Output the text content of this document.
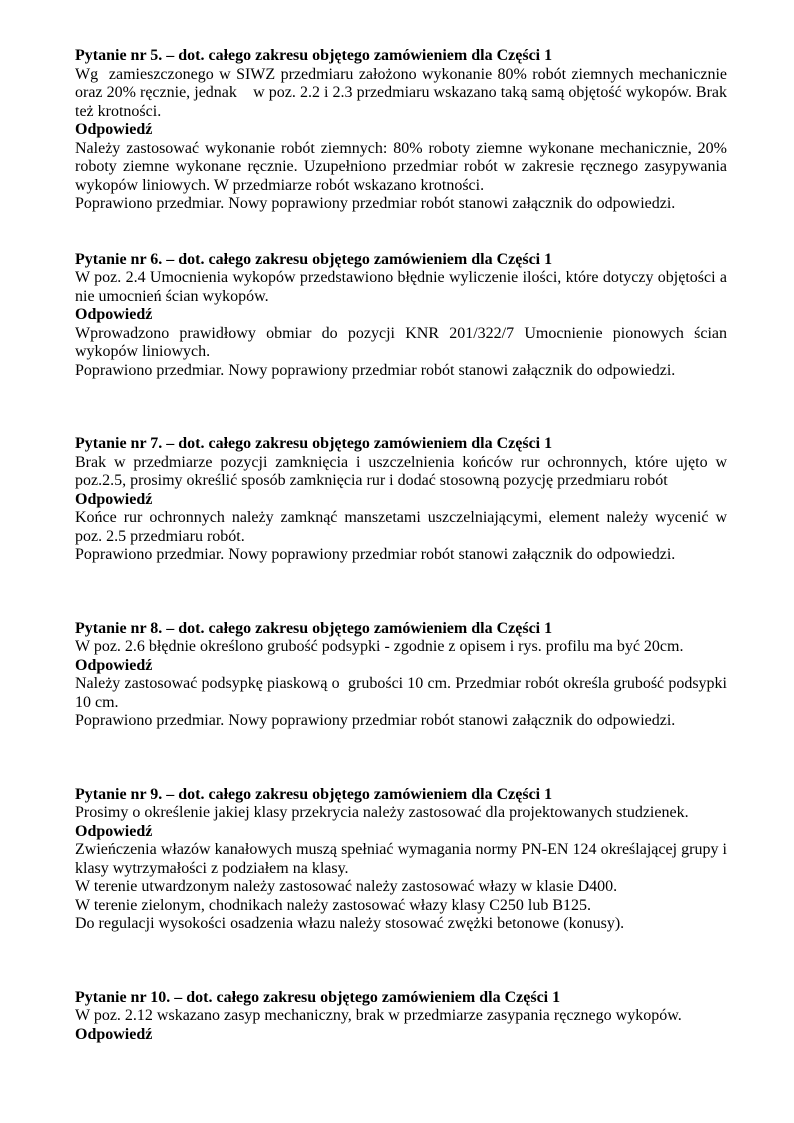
Pytanie nr 5. – dot. całego zakresu objętego zamówieniem dla Części 1

Wg  zamieszczonego w SIWZ przedmiaru założono wykonanie 80% robót ziemnych mechanicznie oraz 20% ręcznie, jednak    w poz. 2.2 i 2.3 przedmiaru wskazano taką samą objętość wykopów. Brak też krotności.

Odpowiedź

Należy zastosować wykonanie robót ziemnych: 80% roboty ziemne wykonane mechanicznie, 20% roboty ziemne wykonane ręcznie. Uzupełniono przedmiar robót w zakresie ręcznego zasypywania wykopów liniowych. W przedmiarze robót wskazano krotności.

Poprawiono przedmiar. Nowy poprawiony przedmiar robót stanowi załącznik do odpowiedzi.

Pytanie nr 6. – dot. całego zakresu objętego zamówieniem dla Części 1

W poz. 2.4 Umocnienia wykopów przedstawiono błędnie wyliczenie ilości, które dotyczy objętości a nie umocnień ścian wykopów.

Odpowiedź

Wprowadzono prawidłowy obmiar do pozycji KNR 201/322/7 Umocnienie pionowych ścian wykopów liniowych.

Poprawiono przedmiar. Nowy poprawiony przedmiar robót stanowi załącznik do odpowiedzi.

Pytanie nr 7. – dot. całego zakresu objętego zamówieniem dla Części 1

Brak w przedmiarze pozycji zamknięcia i uszczelnienia końców rur ochronnych, które ujęto w poz.2.5, prosimy określić sposób zamknięcia rur i dodać stosowną pozycję przedmiaru robót

Odpowiedź

Końce rur ochronnych należy zamknąć manszetami uszczelniającymi, element należy wycenić w poz. 2.5 przedmiaru robót.

Poprawiono przedmiar. Nowy poprawiony przedmiar robót stanowi załącznik do odpowiedzi.

Pytanie nr 8. – dot. całego zakresu objętego zamówieniem dla Części 1

W poz. 2.6 błędnie określono grubość podsypki - zgodnie z opisem i rys. profilu ma być 20cm.

Odpowiedź

Należy zastosować podsypkę piaskową o  grubości 10 cm. Przedmiar robót określa grubość podsypki 10 cm.

Poprawiono przedmiar. Nowy poprawiony przedmiar robót stanowi załącznik do odpowiedzi.

Pytanie nr 9. – dot. całego zakresu objętego zamówieniem dla Części 1

Prosimy o określenie jakiej klasy przekrycia należy zastosować dla projektowanych studzienek.

Odpowiedź

Zwieńczenia włazów kanałowych muszą spełniać wymagania normy PN-EN 124 określającej grupy i klasy wytrzymałości z podziałem na klasy.

W terenie utwardzonym należy zastosować należy zastosować włazy w klasie D400.

W terenie zielonym, chodnikach należy zastosować włazy klasy C250 lub B125.

Do regulacji wysokości osadzenia włazu należy stosować zwężki betonowe (konusy).

Pytanie nr 10. – dot. całego zakresu objętego zamówieniem dla Części 1

W poz. 2.12 wskazano zasyp mechaniczny, brak w przedmiarze zasypania ręcznego wykopów.

Odpowiedź
